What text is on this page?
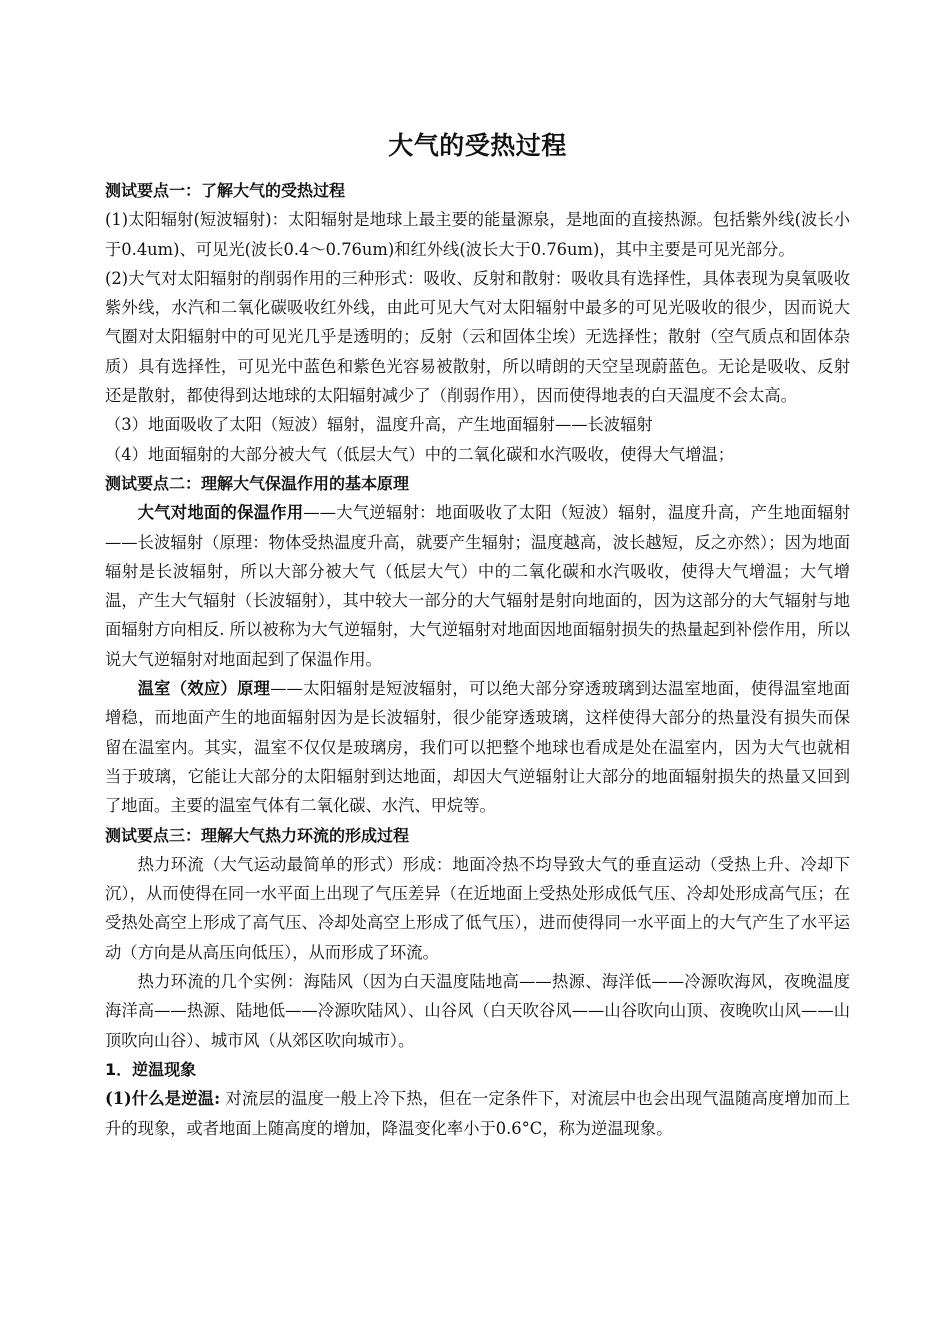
大气的受热过程
测试要点一：了解大气的受热过程

(1)太阳辐射(短波辐射)：太阳辐射是地球上最主要的能量源泉，是地面的直接热源。包括紫外线(波长小于0.4um)、可见光(波长0.4～0.76um)和红外线(波长大于0.76um)，其中主要是可见光部分。

(2)大气对太阳辐射的削弱作用的三种形式：吸收、反射和散射：吸收具有选择性，具体表现为臭氧吸收紫外线，水汽和二氧化碳吸收红外线，由此可见大气对太阳辐射中最多的可见光吸收的很少，因而说大气圈对太阳辐射中的可见光几乎是透明的；反射（云和固体尘埃）无选择性；散射（空气质点和固体杂质）具有选择性，可见光中蓝色和紫色光容易被散射，所以晴朗的天空呈现蔚蓝色。无论是吸收、反射还是散射，都使得到达地球的太阳辐射减少了（削弱作用），因而使得地表的白天温度不会太高。

（3）地面吸收了太阳（短波）辐射，温度升高，产生地面辐射——长波辐射

（4）地面辐射的大部分被大气（低层大气）中的二氧化碳和水汽吸收，使得大气增温；

测试要点二：理解大气保温作用的基本原理

大气对地面的保温作用——大气逆辐射：地面吸收了太阳（短波）辐射，温度升高，产生地面辐射——长波辐射（原理：物体受热温度升高，就要产生辐射；温度越高，波长越短，反之亦然）；因为地面辐射是长波辐射，所以大部分被大气（低层大气）中的二氧化碳和水汽吸收，使得大气增温；大气增温，产生大气辐射（长波辐射），其中较大一部分的大气辐射是射向地面的，因为这部分的大气辐射与地面辐射方向相反. 所以被称为大气逆辐射，大气逆辐射对地面因地面辐射损失的热量起到补偿作用，所以说大气逆辐射对地面起到了保温作用。

温室（效应）原理——太阳辐射是短波辐射，可以绝大部分穿透玻璃到达温室地面，使得温室地面增稳，而地面产生的地面辐射因为是长波辐射，很少能穿透玻璃，这样使得大部分的热量没有损失而保留在温室内。其实，温室不仅仅是玻璃房，我们可以把整个地球也看成是处在温室内，因为大气也就相当于玻璃，它能让大部分的太阳辐射到达地面，却因大气逆辐射让大部分的地面辐射损失的热量又回到了地面。主要的温室气体有二氧化碳、水汽、甲烷等。

测试要点三：理解大气热力环流的形成过程

热力环流（大气运动最简单的形式）形成：地面冷热不均导致大气的垂直运动（受热上升、冷却下沉），从而使得在同一水平面上出现了气压差异（在近地面上受热处形成低气压、冷却处形成高气压；在受热处高空上形成了高气压、冷却处高空上形成了低气压），进而使得同一水平面上的大气产生了水平运动（方向是从高压向低压），从而形成了环流。

热力环流的几个实例：海陆风（因为白天温度陆地高——热源、海洋低——冷源吹海风，夜晚温度海洋高——热源、陆地低——冷源吹陆风）、山谷风（白天吹谷风——山谷吹向山顶、夜晚吹山风——山顶吹向山谷）、城市风（从郊区吹向城市）。

1．逆温现象

(1)什么是逆温: 对流层的温度一般上冷下热，但在一定条件下，对流层中也会出现气温随高度增加而上升的现象，或者地面上随高度的增加，降温变化率小于0.6°C，称为逆温现象。
